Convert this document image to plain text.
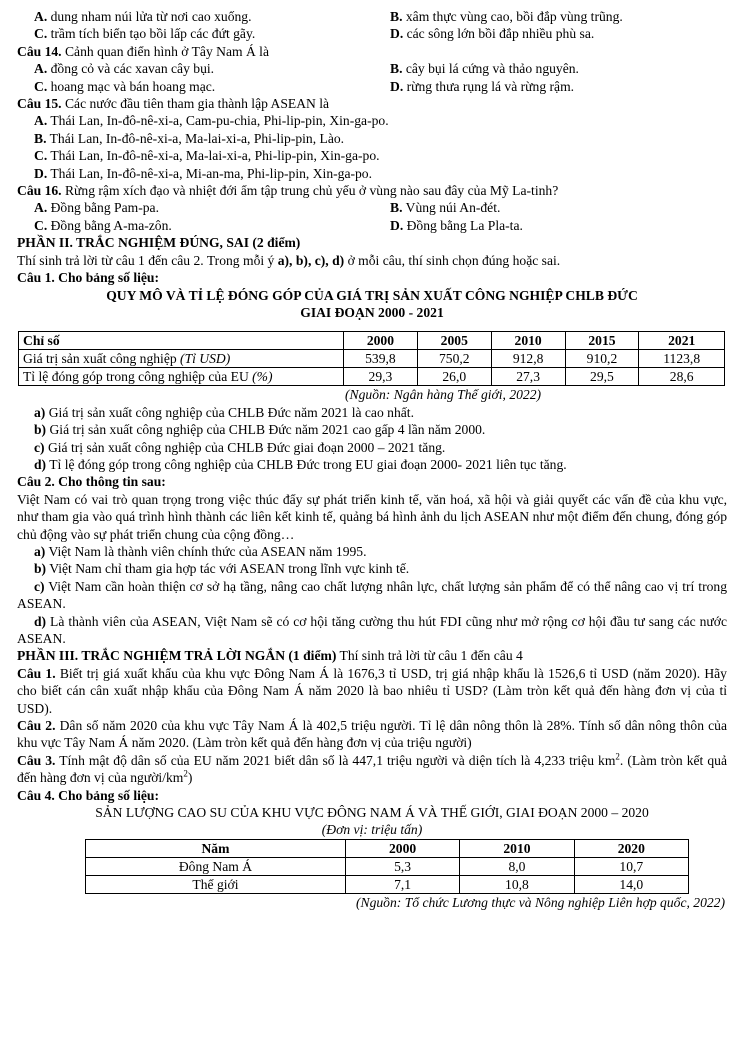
A. dung nham núi lửa từ nơi cao xuống.	B. xâm thực vùng cao, bồi đắp vùng trũng.
C. trầm tích biển tạo bồi lấp các đứt gãy.	D. các sông lớn bồi đắp nhiều phù sa.
Câu 14. Cảnh quan điển hình ở Tây Nam Á là
A. đồng cỏ và các xavan cây bụi.	B. cây bụi lá cứng và thảo nguyên.
C. hoang mạc và bán hoang mạc.	D. rừng thưa rụng lá và rừng rậm.
Câu 15. Các nước đầu tiên tham gia thành lập ASEAN là
A. Thái Lan, In-đô-nê-xi-a, Cam-pu-chia, Phi-lip-pin, Xin-ga-po.
B. Thái Lan, In-đô-nê-xi-a, Ma-lai-xi-a, Phi-lip-pin, Lào.
C. Thái Lan, In-đô-nê-xi-a, Ma-lai-xi-a, Phi-lip-pin, Xin-ga-po.
D. Thái Lan, In-đô-nê-xi-a, Mi-an-ma, Phi-lip-pin, Xin-ga-po.
Câu 16. Rừng rậm xích đạo và nhiệt đới ẩm tập trung chủ yếu ở vùng nào sau đây của Mỹ La-tinh?
A. Đồng bằng Pam-pa.	B. Vùng núi An-đét.
C. Đồng bằng A-ma-zôn.	D. Đồng bằng La Pla-ta.
PHẦN II. TRẮC NGHIỆM ĐÚNG, SAI (2 điểm)
Thí sinh trả lời từ câu 1 đến câu 2. Trong mỗi ý a), b), c), d) ở mỗi câu, thí sinh chọn đúng hoặc sai.
Câu 1. Cho bảng số liệu:
QUY MÔ VÀ TỈ LỆ ĐÓNG GÓP CỦA GIÁ TRỊ SẢN XUẤT CÔNG NGHIỆP CHLB ĐỨC
GIAI ĐOẠN 2000 - 2021
Chỉ số	2000	2005	2010	2015	2021
Giá trị sản xuất công nghiệp (Tỉ USD)	539,8	750,2	912,8	910,2	1123,8
Tỉ lệ đóng góp trong công nghiệp của EU (%)	29,3	26,0	27,3	29,5	28,6
(Nguồn: Ngân hàng Thế giới, 2022)
a) Giá trị sản xuất công nghiệp của CHLB Đức năm 2021 là cao nhất.
b) Giá trị sản xuất công nghiệp của CHLB Đức năm 2021 cao gấp 4 lần năm 2000.
c) Giá trị sản xuất công nghiệp của CHLB Đức giai đoạn 2000 – 2021 tăng.
d) Tỉ lệ đóng góp trong công nghiệp của CHLB Đức trong EU giai đoạn 2000- 2021 liên tục tăng.
Câu 2. Cho thông tin sau:
Việt Nam có vai trò quan trọng trong việc thúc đẩy sự phát triển kinh tế, văn hoá, xã hội và giải quyết các vấn đề của khu vực, như tham gia vào quá trình hình thành các liên kết kinh tế, quảng bá hình ảnh du lịch ASEAN như một điểm đến chung, đóng góp chủ động vào sự phát triển chung của cộng đồng…
a) Việt Nam là thành viên chính thức của ASEAN năm 1995.
b) Việt Nam chỉ tham gia hợp tác với ASEAN trong lĩnh vực kinh tế.
c) Việt Nam cần hoàn thiện cơ sở hạ tầng, nâng cao chất lượng nhân lực, chất lượng sản phẩm để có thể nâng cao vị trí trong ASEAN.
d) Là thành viên của ASEAN, Việt Nam sẽ có cơ hội tăng cường thu hút FDI cũng như mở rộng cơ hội đầu tư sang các nước ASEAN.
PHẦN III. TRẮC NGHIỆM TRẢ LỜI NGẮN (1 điểm) Thí sinh trả lời từ câu 1 đến câu 4
Câu 1. Biết trị giá xuất khẩu của khu vực Đông Nam Á là 1676,3 tỉ USD, trị giá nhập khẩu là 1526,6 tỉ USD (năm 2020). Hãy cho biết cán cân xuất nhập khẩu của Đông Nam Á năm 2020 là bao nhiêu tỉ USD? (Làm tròn kết quả đến hàng đơn vị của tỉ USD).
Câu 2. Dân số năm 2020 của khu vực Tây Nam Á là 402,5 triệu người. Tỉ lệ dân nông thôn là 28%. Tính số dân nông thôn của khu vực Tây Nam Á năm 2020. (Làm tròn kết quả đến hàng đơn vị của triệu người)
Câu 3. Tính mật độ dân số của EU năm 2021 biết dân số là 447,1 triệu người và diện tích là 4,233 triệu $km^2$. (Làm tròn kết quả đến hàng đơn vị của người/$km^2$)
Câu 4. Cho bảng số liệu:
SẢN LƯỢNG CAO SU CỦA KHU VỰC ĐÔNG NAM Á VÀ THẾ GIỚI, GIAI ĐOẠN 2000 – 2020
(Đơn vị: triệu tấn)
Năm	2000	2010	2020
Đông Nam Á	5,3	8,0	10,7
Thế giới	7,1	10,8	14,0
(Nguồn: Tổ chức Lương thực và Nông nghiệp Liên hợp quốc, 2022)
